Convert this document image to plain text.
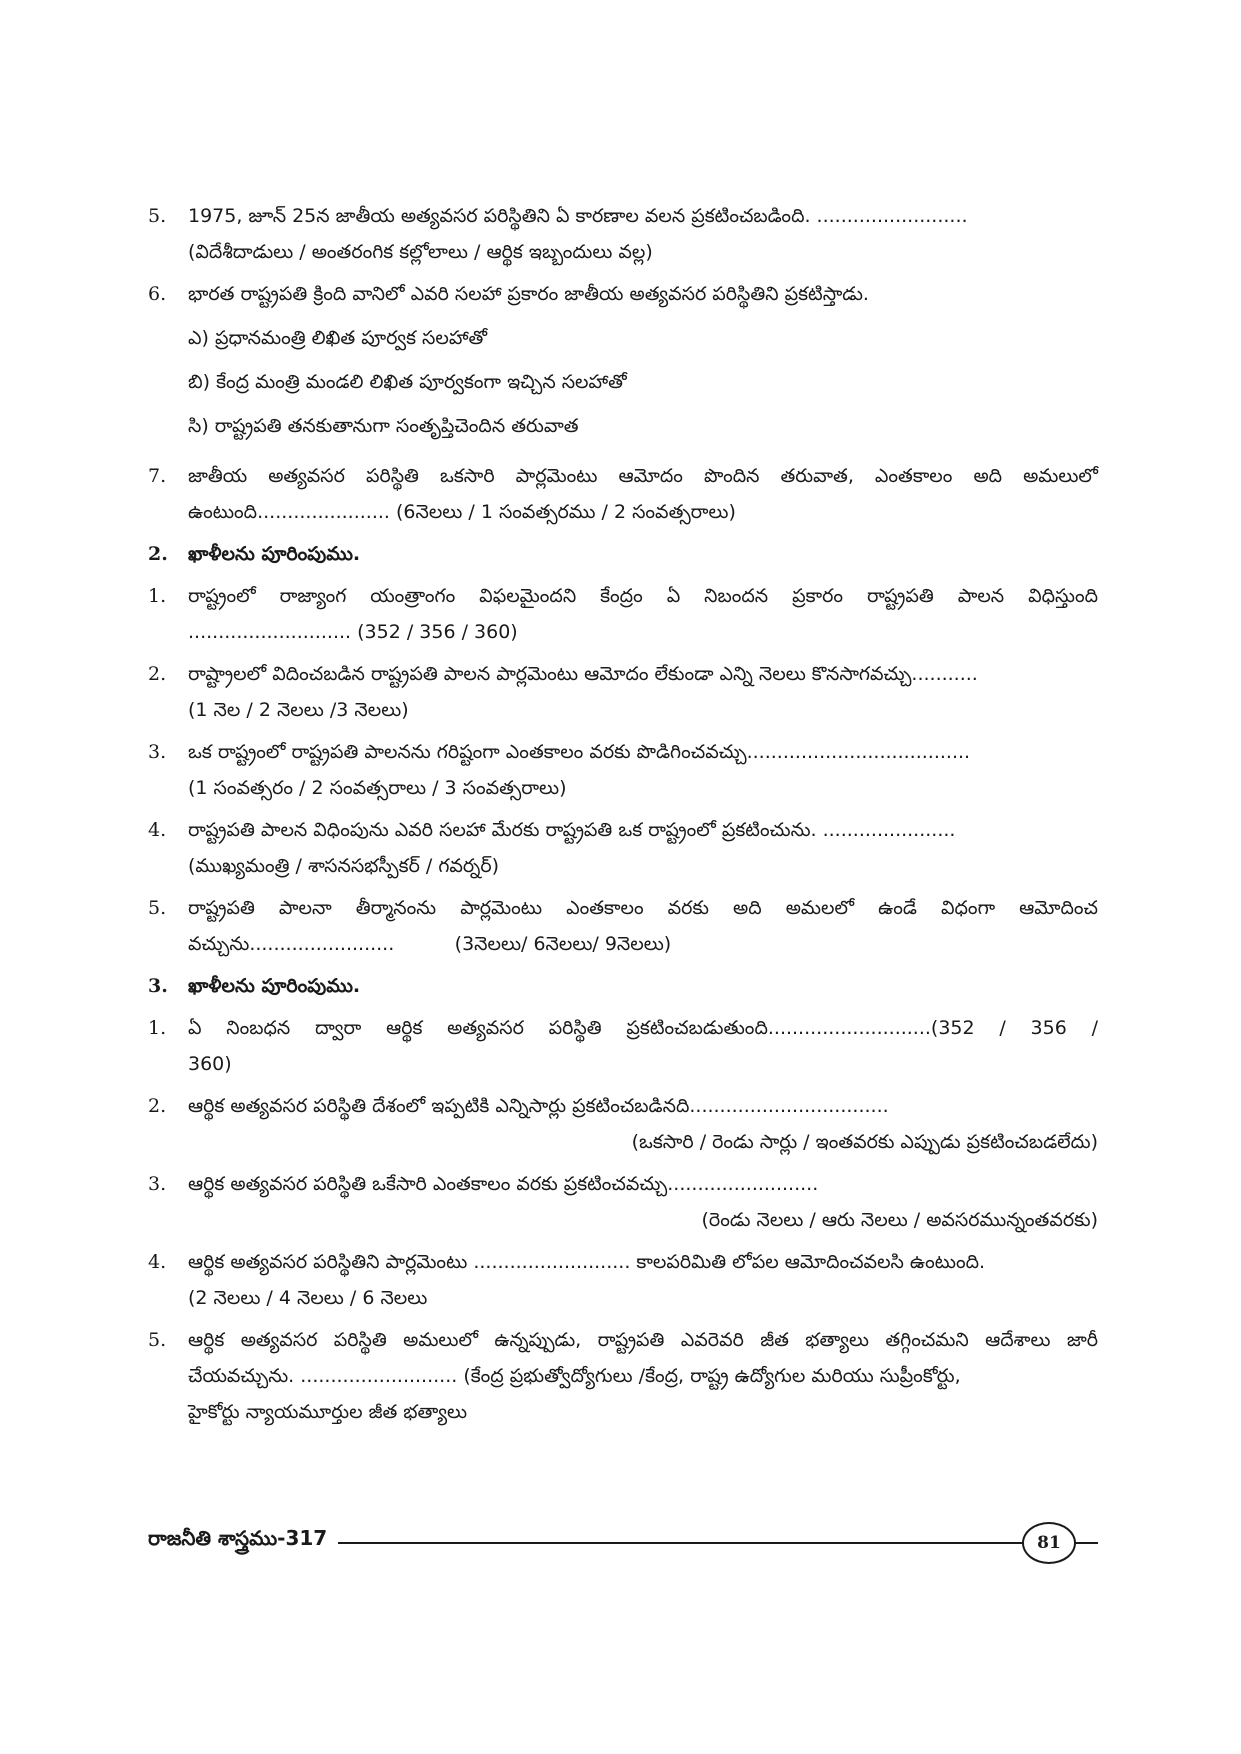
5.	1975, జూన్ 25న జాతీయ అత్యవసర పరిస్థితిని ఏ కారణాల వలన ప్రకటించబడింది. .........................
(విదేశీదాడులు / అంతరంగిక కల్లోలాలు / ఆర్థిక ఇబ్బందులు వల్ల)
6.	భారత రాష్ట్రపతి క్రింది వానిలో ఎవరి సలహా ప్రకారం జాతీయ అత్యవసర పరిస్థితిని ప్రకటిస్తాడు.
ఎ) ప్రధానమంత్రి లిఖిత పూర్వక సలహాతో
బి) కేంద్ర మంత్రి మండలి లిఖిత పూర్వకంగా ఇచ్చిన సలహాతో
సి) రాష్ట్రపతి తనకుతానుగా సంతృప్తిచెందిన తరువాత
7.	జాతీయ అత్యవసర పరిస్థితి ఒకసారి పార్లమెంటు ఆమోదం పొందిన తరువాత, ఎంతకాలం అది అమలులో
ఉంటుంది...................... (6నెలలు / 1 సంవత్సరము / 2 సంవత్సరాలు)
2.	ఖాళీలను పూరింపుము.
1.	రాష్ట్రంలో రాజ్యాంగ యంత్రాంగం విఫలమైందని కేంద్రం ఏ నిబందన ప్రకారం రాష్ట్రపతి పాలన విధిస్తుంది
........................... (352 / 356 / 360)
2.	రాష్ట్రాలలో విదించబడిన రాష్ట్రపతి పాలన పార్లమెంటు ఆమోదం లేకుండా ఎన్ని నెలలు కొనసాగవచ్చు...........
(1 నెల / 2 నెలలు /3 నెలలు)
3.	ఒక రాష్ట్రంలో రాష్ట్రపతి పాలనను గరిష్టంగా ఎంతకాలం వరకు పొడిగించవచ్చు.....................................
(1 సంవత్సరం / 2 సంవత్సరాలు / 3 సంవత్సరాలు)
4.	రాష్ట్రపతి పాలన విధింపును ఎవరి సలహా మేరకు రాష్ట్రపతి ఒక రాష్ట్రంలో ప్రకటించును. ......................
(ముఖ్యమంత్రి / శాసనసభస్పీకర్ / గవర్నర్)
5.	రాష్ట్రపతి పాలనా తీర్మానంను పార్లమెంటు ఎంతకాలం వరకు అది అమలలో ఉండే విధంగా ఆమోదించ
వచ్చును........................          (3నెలలు/ 6నెలలు/ 9నెలలు)
3.	ఖాళీలను పూరింపుము.
1.	ఏ నింబధన ద్వారా ఆర్థిక అత్యవసర పరిస్థితి ప్రకటించబడుతుంది...........................(352 / 356 /
360)
2.	ఆర్థిక అత్యవసర పరిస్థితి దేశంలో ఇప్పటికి ఎన్నిసార్లు ప్రకటించబడినది.................................
(ఒకసారి / రెండు సార్లు / ఇంతవరకు ఎప్పుడు ప్రకటించబడలేదు)
3.	ఆర్థిక అత్యవసర పరిస్థితి ఒకేసారి ఎంతకాలం వరకు ప్రకటించవచ్చు.........................
(రెండు నెలలు / ఆరు నెలలు / అవసరమున్నంతవరకు)
4.	ఆర్థిక అత్యవసర పరిస్థితిని పార్లమెంటు .......................... కాలపరిమితి లోపల ఆమోదించవలసి ఉంటుంది.
(2 నెలలు / 4 నెలలు / 6 నెలలు
5.	ఆర్థిక అత్యవసర పరిస్థితి అమలులో ఉన్నప్పుడు, రాష్ట్రపతి ఎవరెవరి జీత భత్యాలు తగ్గించమని ఆదేశాలు జారీ
చేయవచ్చును. .......................... (కేంద్ర ప్రభుత్వోద్యోగులు /కేంద్ర, రాష్ట్ర ఉద్యోగుల మరియు సుప్రీంకోర్టు,
హైకోర్టు న్యాయమూర్తుల జీత భత్యాలు
రాజనీతి శాస్త్రము-317	81
